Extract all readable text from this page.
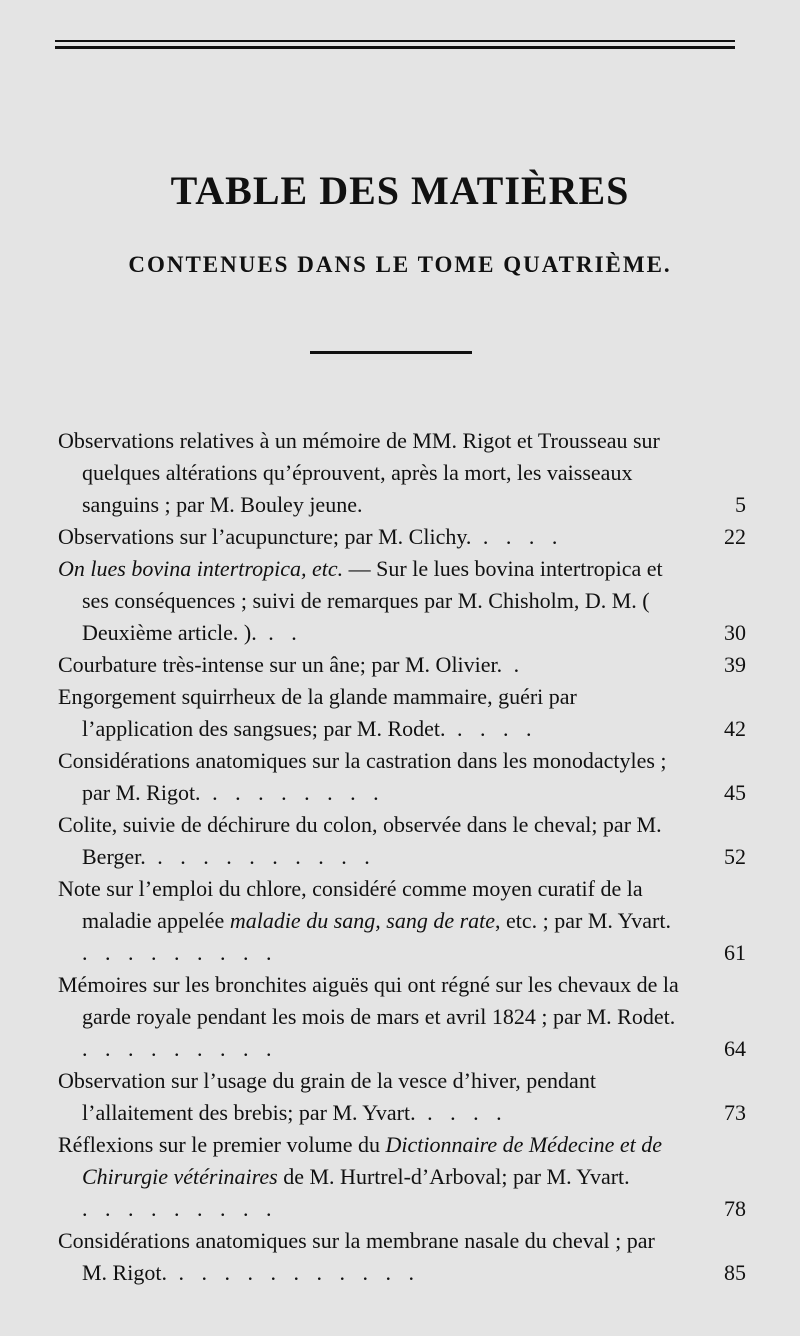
TABLE DES MATIÈRES
CONTENUES DANS LE TOME QUATRIÈME.
Observations relatives à un mémoire de MM. Rigot et Trousseau sur quelques altérations qu’éprouvent, après la mort, les vaisseaux sanguins ; par M. Bouley jeune.	5
Observations sur l’acupuncture; par M. Clichy. . . . .	22
On lues bovina intertropica, etc. — Sur le lues bovina intertropica et ses conséquences ; suivi de remarques par M. Chisholm, D. M. ( Deuxième article. ). . .	30
Courbature très-intense sur un âne; par M. Olivier. .	39
Engorgement squirrheux de la glande mammaire, guéri par l’application des sangsues; par M. Rodet. . . . .	42
Considérations anatomiques sur la castration dans les monodactyles ; par M. Rigot. . . . . . . . .	45
Colite, suivie de déchirure du colon, observée dans le cheval; par M. Berger. . . . . . . . . . .	52
Note sur l’emploi du chlore, considéré comme moyen curatif de la maladie appelée maladie du sang, sang de rate, etc. ; par M. Yvart. . . . . . . . . .	61
Mémoires sur les bronchites aiguës qui ont régné sur les chevaux de la garde royale pendant les mois de mars et avril 1824 ; par M. Rodet. . . . . . . . . .	64
Observation sur l’usage du grain de la vesce d’hiver, pendant l’allaitement des brebis; par M. Yvart. . . . .	73
Réflexions sur le premier volume du Dictionnaire de Médecine et de Chirurgie vétérinaires de M. Hurtrel-d’Arboval; par M. Yvart. . . . . . . . . .	78
Considérations anatomiques sur la membrane nasale du cheval ; par M. Rigot. . . . . . . . . . . .	85
